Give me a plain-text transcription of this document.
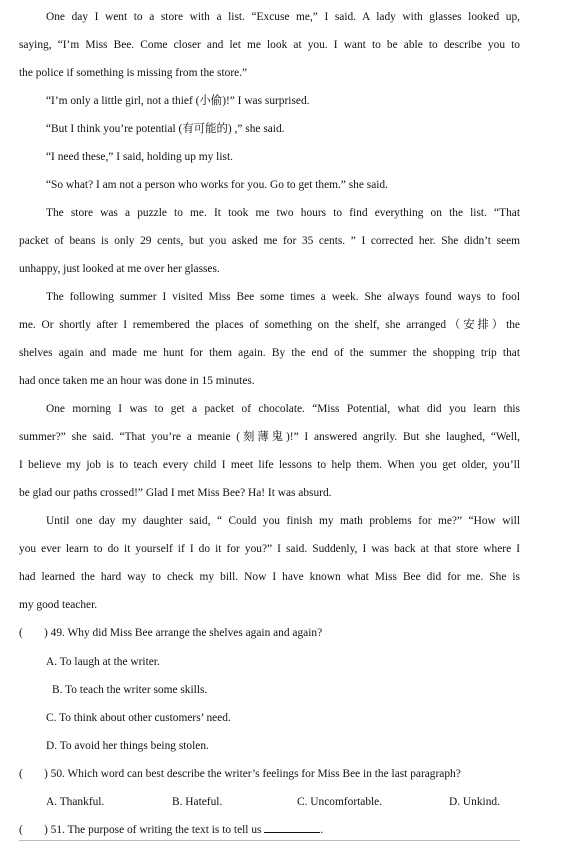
One day I went to a store with a list. “Excuse me,” I said. A lady with glasses looked up,
saying, “I’m Miss Bee. Come closer and let me look at you. I want to be able to describe you to
the police if something is missing from the store.”
“I’m only a little girl, not a thief (小偷)!” I was surprised.
“But I think you’re potential (有可能的) ,” she said.
“I need these,” I said, holding up my list.
“So what? I am not a person who works for you. Go to get them.” she said.
The store was a puzzle to me. It took me two hours to find everything on the list. “That
packet of beans is only 29 cents, but you asked me for 35 cents. ” I corrected her. She didn’t seem
unhappy, just looked at me over her glasses.
The following summer I visited Miss Bee some times a week. She always found ways to fool
me. Or shortly after I remembered the places of something on the shelf, she arranged（安排）the
shelves again and made me hunt for them again. By the end of the summer the shopping trip that
had once taken me an hour was done in 15 minutes.
One morning I was to get a packet of chocolate. “Miss Potential, what did you learn this
summer?” she said. “That you’re a meanie (刻薄鬼)!” I answered angrily. But she laughed, “Well,
I believe my job is to teach every child I meet life lessons to help them. When you get older, you’ll
be glad our paths crossed!” Glad I met Miss Bee? Ha! It was absurd.
Until one day my daughter said, “ Could you finish my math problems for me?” “How will
you ever learn to do it yourself if I do it for you?” I said. Suddenly, I was back at that store where I
had learned the hard way to check my bill. Now I have known what Miss Bee did for me. She is
my good teacher.
( ) 49. Why did Miss Bee arrange the shelves again and again?
A. To laugh at the writer.
B. To teach the writer some skills.
C. To think about other customers’ need.
D. To avoid her things being stolen.
( ) 50. Which word can best describe the writer’s feelings for Miss Bee in the last paragraph?
A. Thankful.	B. Hateful.	C. Uncomfortable.	D. Unkind.
( ) 51. The purpose of writing the text is to tell us	.
